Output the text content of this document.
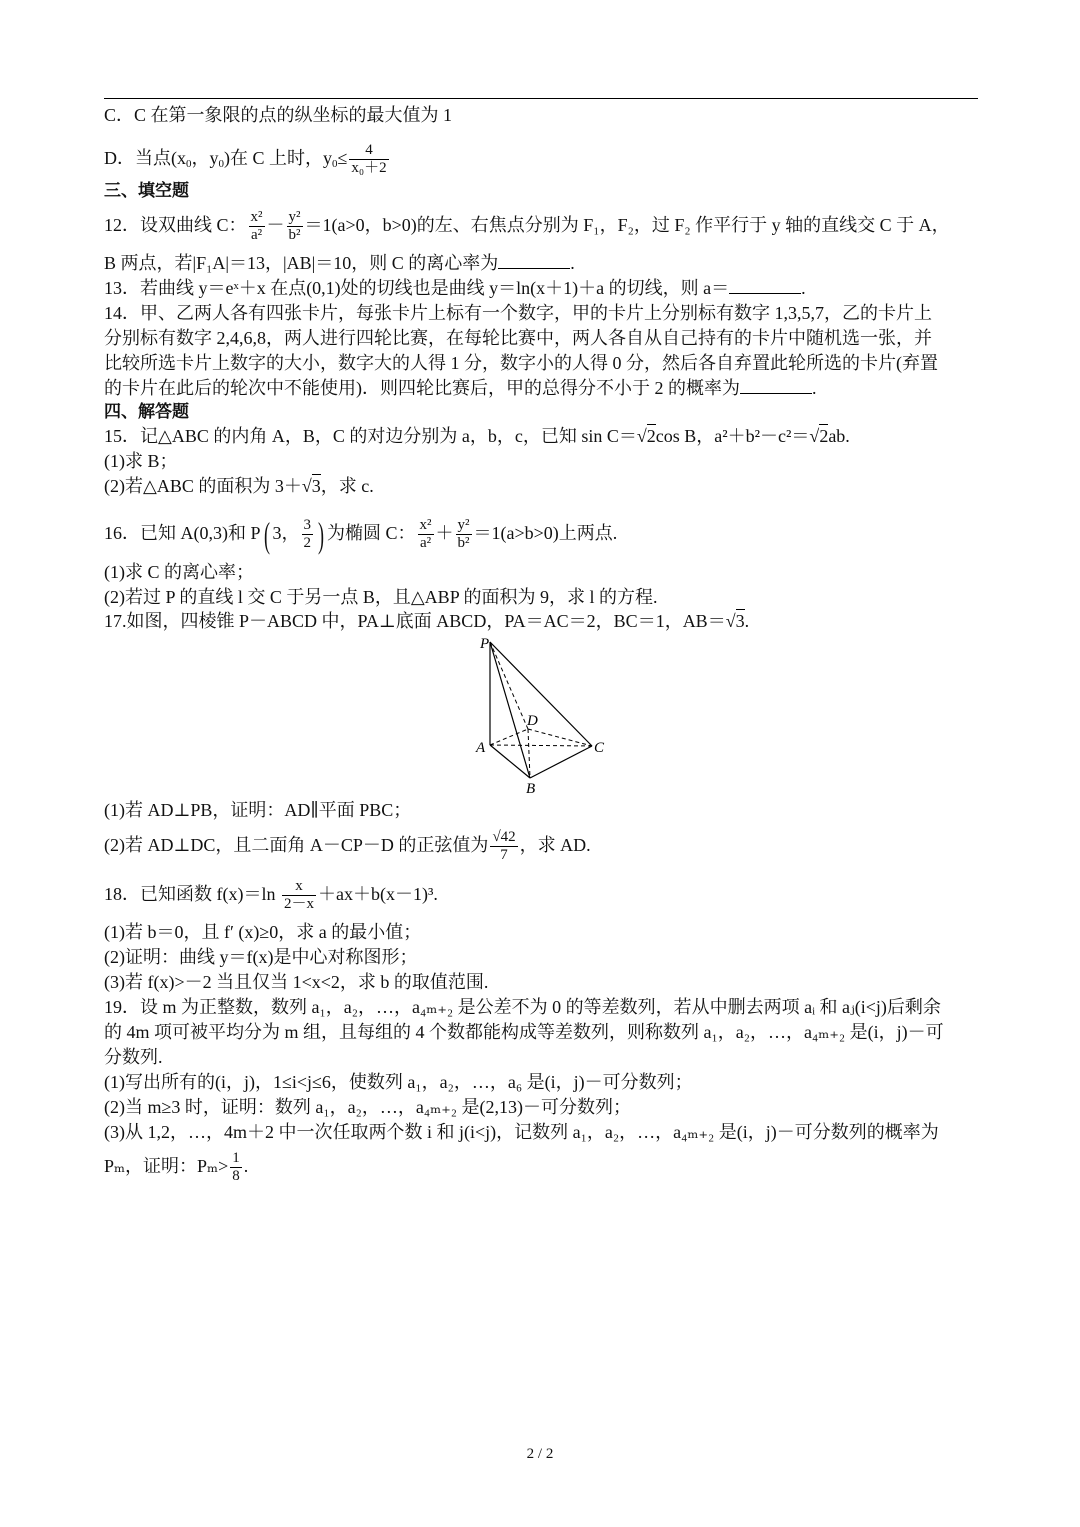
C．C 在第一象限的点的纵坐标的最大值为 1
D．当点(x0，y0)在 C 上时，$y0\le \frac{4}{\text{x₀＋2}}$
三、填空题
12．设双曲线 C： $\frac{\text{x²}}{\text{a²}} - \frac{\text{y²}}{\text{b²}} =1(a>0$，b>0)的左、右焦点分别为 F₁，F₂，过 F₂ 作平行于 y 轴的直线交 C 于 A，
B 两点，若|F₁A|＝13，|AB|＝10，则 C 的离心率为	.
13．若曲线 y＝eˣ＋x 在点(0,1)处的切线也是曲线 y＝ln(x＋1)＋a 的切线，则 a＝	.
14．甲、乙两人各有四张卡片，每张卡片上标有一个数字，甲的卡片上分别标有数字 1,3,5,7，乙的卡片上
分别标有数字 2,4,6,8，两人进行四轮比赛，在每轮比赛中，两人各自从自己持有的卡片中随机选一张，并
比较所选卡片上数字的大小，数字大的人得 1 分，数字小的人得 0 分，然后各自弃置此轮所选的卡片(弃置
的卡片在此后的轮次中不能使用)．则四轮比赛后，甲的总得分不小于 2 的概率为	.
四、解答题
15．记△ABC 的内角 A，B，C 的对边分别为 a，b，c，已知 sin C＝√2cos B，a²＋b²－c²＝√2ab.
(1)求 B；
(2)若△ABC 的面积为 3＋√3，求 c.
16．已知 A(0,3)和 P( 3， $\frac{3}{2}$ ) 为椭圆 C： $\frac{\text{x²}}{\text{a²}} + \frac{\text{y²}}{\text{b²}} =1(a>b>0)$上两点.
(1)求 C 的离心率；
(2)若过 P 的直线 l 交 C 于另一点 B，且△ABP 的面积为 9，求 l 的方程.
17.如图，四棱锥 P－ABCD 中，PA⊥底面 ABCD，PA＝AC＝2，BC＝1，AB＝√3.
P
A
B
C
D
(1)若 AD⊥PB，证明：AD∥平面 PBC；
(2)若 AD⊥DC，且二面角 A－CP－D 的正弦值为 $\frac{√42}{7}$ ，求 AD.
18．已知函数 $f(x)=\ln \frac{x}{2-x} +ax+b(x-1)^3$.
(1)若 b＝0，且 f′ (x)≥0，求 a 的最小值；
(2)证明：曲线 y＝f(x)是中心对称图形；
(3)若 f(x)>－2 当且仅当 1<x<2，求 b 的取值范围.
19．设 m 为正整数，数列 a₁，a₂，…，a₄ₘ₊₂ 是公差不为 0 的等差数列，若从中删去两项 aᵢ 和 aⱼ(i<j)后剩余
的 4m 项可被平均分为 m 组，且每组的 4 个数都能构成等差数列，则称数列 a₁，a₂，…，a₄ₘ₊₂ 是(i，j)－可
分数列.
(1)写出所有的(i，j)，1≤i<j≤6，使数列 a₁，a₂，…，a₆ 是(i，j)－可分数列；
(2)当 m≥3 时，证明：数列 a₁，a₂，…，a₄ₘ₊₂ 是(2,13)－可分数列；
(3)从 1,2，…，4m＋2 中一次任取两个数 i 和 j(i<j)，记数列 a₁，a₂，…，a₄ₘ₊₂ 是(i，j)－可分数列的概率为
Pₘ，证明：$P_m> \frac{1}{8}$ .
2 / 2
